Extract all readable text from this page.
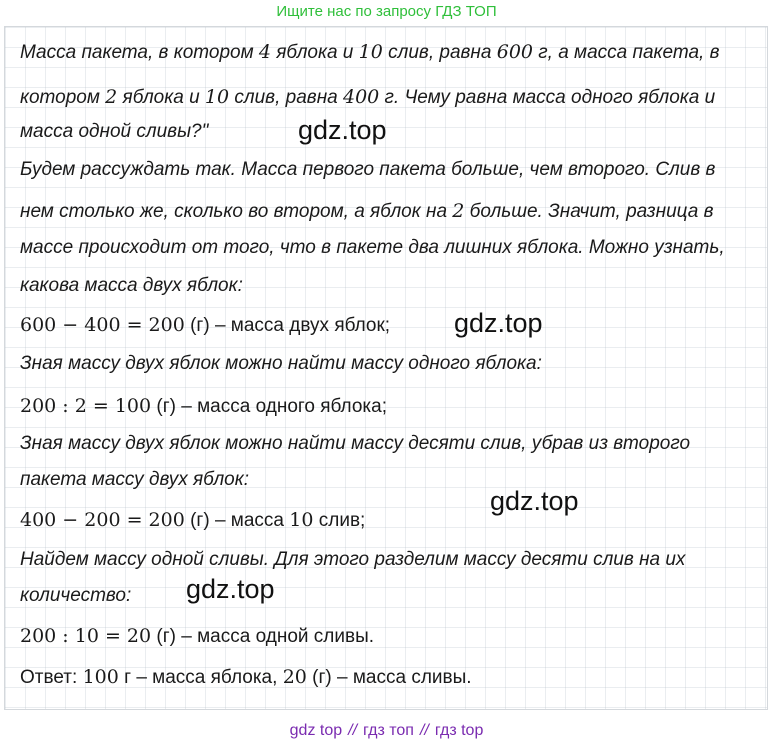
Ищите нас по запросу ГДЗ ТОП
Масса пакета, в котором 4 яблока и 10 слив, равна 600 г, а масса пакета, в
котором 2 яблока и 10 слив, равна 400 г. Чему равна масса одного яблока и
масса одной сливы?"
Будем рассуждать так. Масса первого пакета больше, чем второго. Слив в
нем столько же, сколько во втором, а яблок на 2 больше. Значит, разница в
массе происходит от того, что в пакете два лишних яблока. Можно узнать,
какова масса двух яблок:
600 − 400 = 200 (г) – масса двух яблок;
Зная массу двух яблок можно найти массу одного яблока:
200 : 2 = 100 (г) – масса одного яблока;
Зная массу двух яблок можно найти массу десяти слив, убрав из второго
пакета массу двух яблок:
400 − 200 = 200 (г) – масса 10 слив;
Найдем массу одной сливы. Для этого разделим массу десяти слив на их
количество:
200 : 10 = 20 (г) – масса одной сливы.
Ответ: 100 г – масса яблока, 20 (г) – масса сливы.
gdz.top
gdz.top
gdz.top
gdz.top
gdz top // гдз топ // гдз top
